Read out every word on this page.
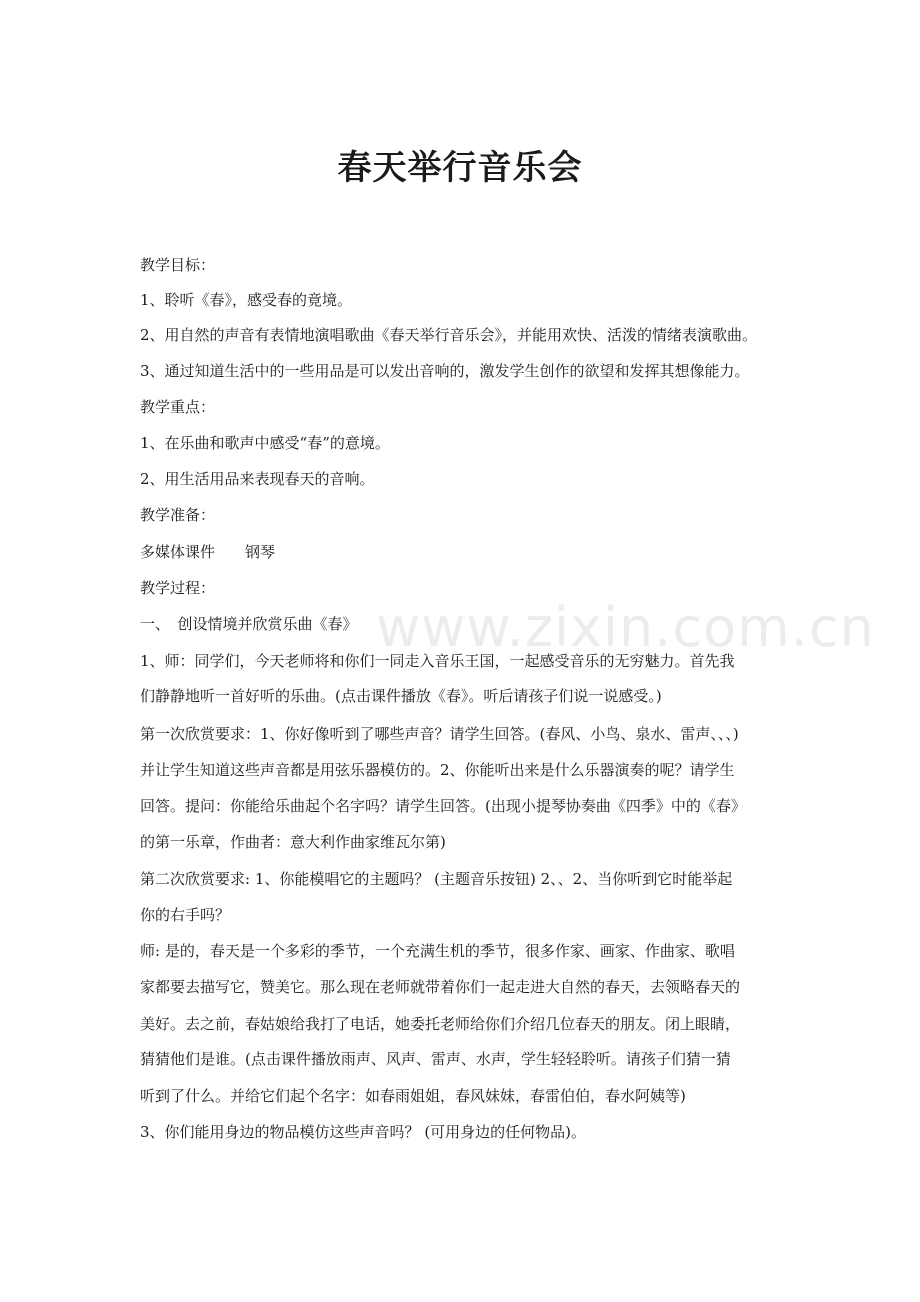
春天举行音乐会
教学目标：
1、聆听《春》，感受春的竟境。
2、用自然的声音有表情地演唱歌曲《春天举行音乐会》，并能用欢快、活泼的情绪表演歌曲。
3、通过知道生活中的一些用品是可以发出音响的，激发学生创作的欲望和发挥其想像能力。
教学重点：
1、在乐曲和歌声中感受“春”的意境。
2、用生活用品来表现春天的音响。
教学准备：
多媒体课件　　钢琴
教学过程：
一、　创设情境并欣赏乐曲《春》
1、师：同学们，今天老师将和你们一同走入音乐王国，一起感受音乐的无穷魅力。首先我
们静静地听一首好听的乐曲。(点击课件播放《春》。听后请孩子们说一说感受。)
第一次欣赏要求：1、你好像听到了哪些声音？请学生回答。(春风、小鸟、泉水、雷声、、、)
并让学生知道这些声音都是用弦乐器模仿的。2、你能听出来是什么乐器演奏的呢？请学生
回答。提问：你能给乐曲起个名字吗？请学生回答。(出现小提琴协奏曲《四季》中的《春》
的第一乐章，作曲者：意大利作曲家维瓦尔第)
第二次欣赏要求: 1、你能模唱它的主题吗？ (主题音乐按钮) 2、、2、当你听到它时能举起
你的右手吗？
师: 是的，春天是一个多彩的季节，一个充满生机的季节，很多作家、画家、作曲家、歌唱
家都要去描写它，赞美它。那么现在老师就带着你们一起走进大自然的春天，去领略春天的
美好。去之前，春姑娘给我打了电话，她委托老师给你们介绍几位春天的朋友。闭上眼睛，
猜猜他们是谁。(点击课件播放雨声、风声、雷声、水声，学生轻轻聆听。请孩子们猜一猜
听到了什么。并给它们起个名字：如春雨姐姐，春风妹妹，春雷伯伯，春水阿姨等)
3、你们能用身边的物品模仿这些声音吗？ (可用身边的任何物品)。
www.zixin.com.cn
